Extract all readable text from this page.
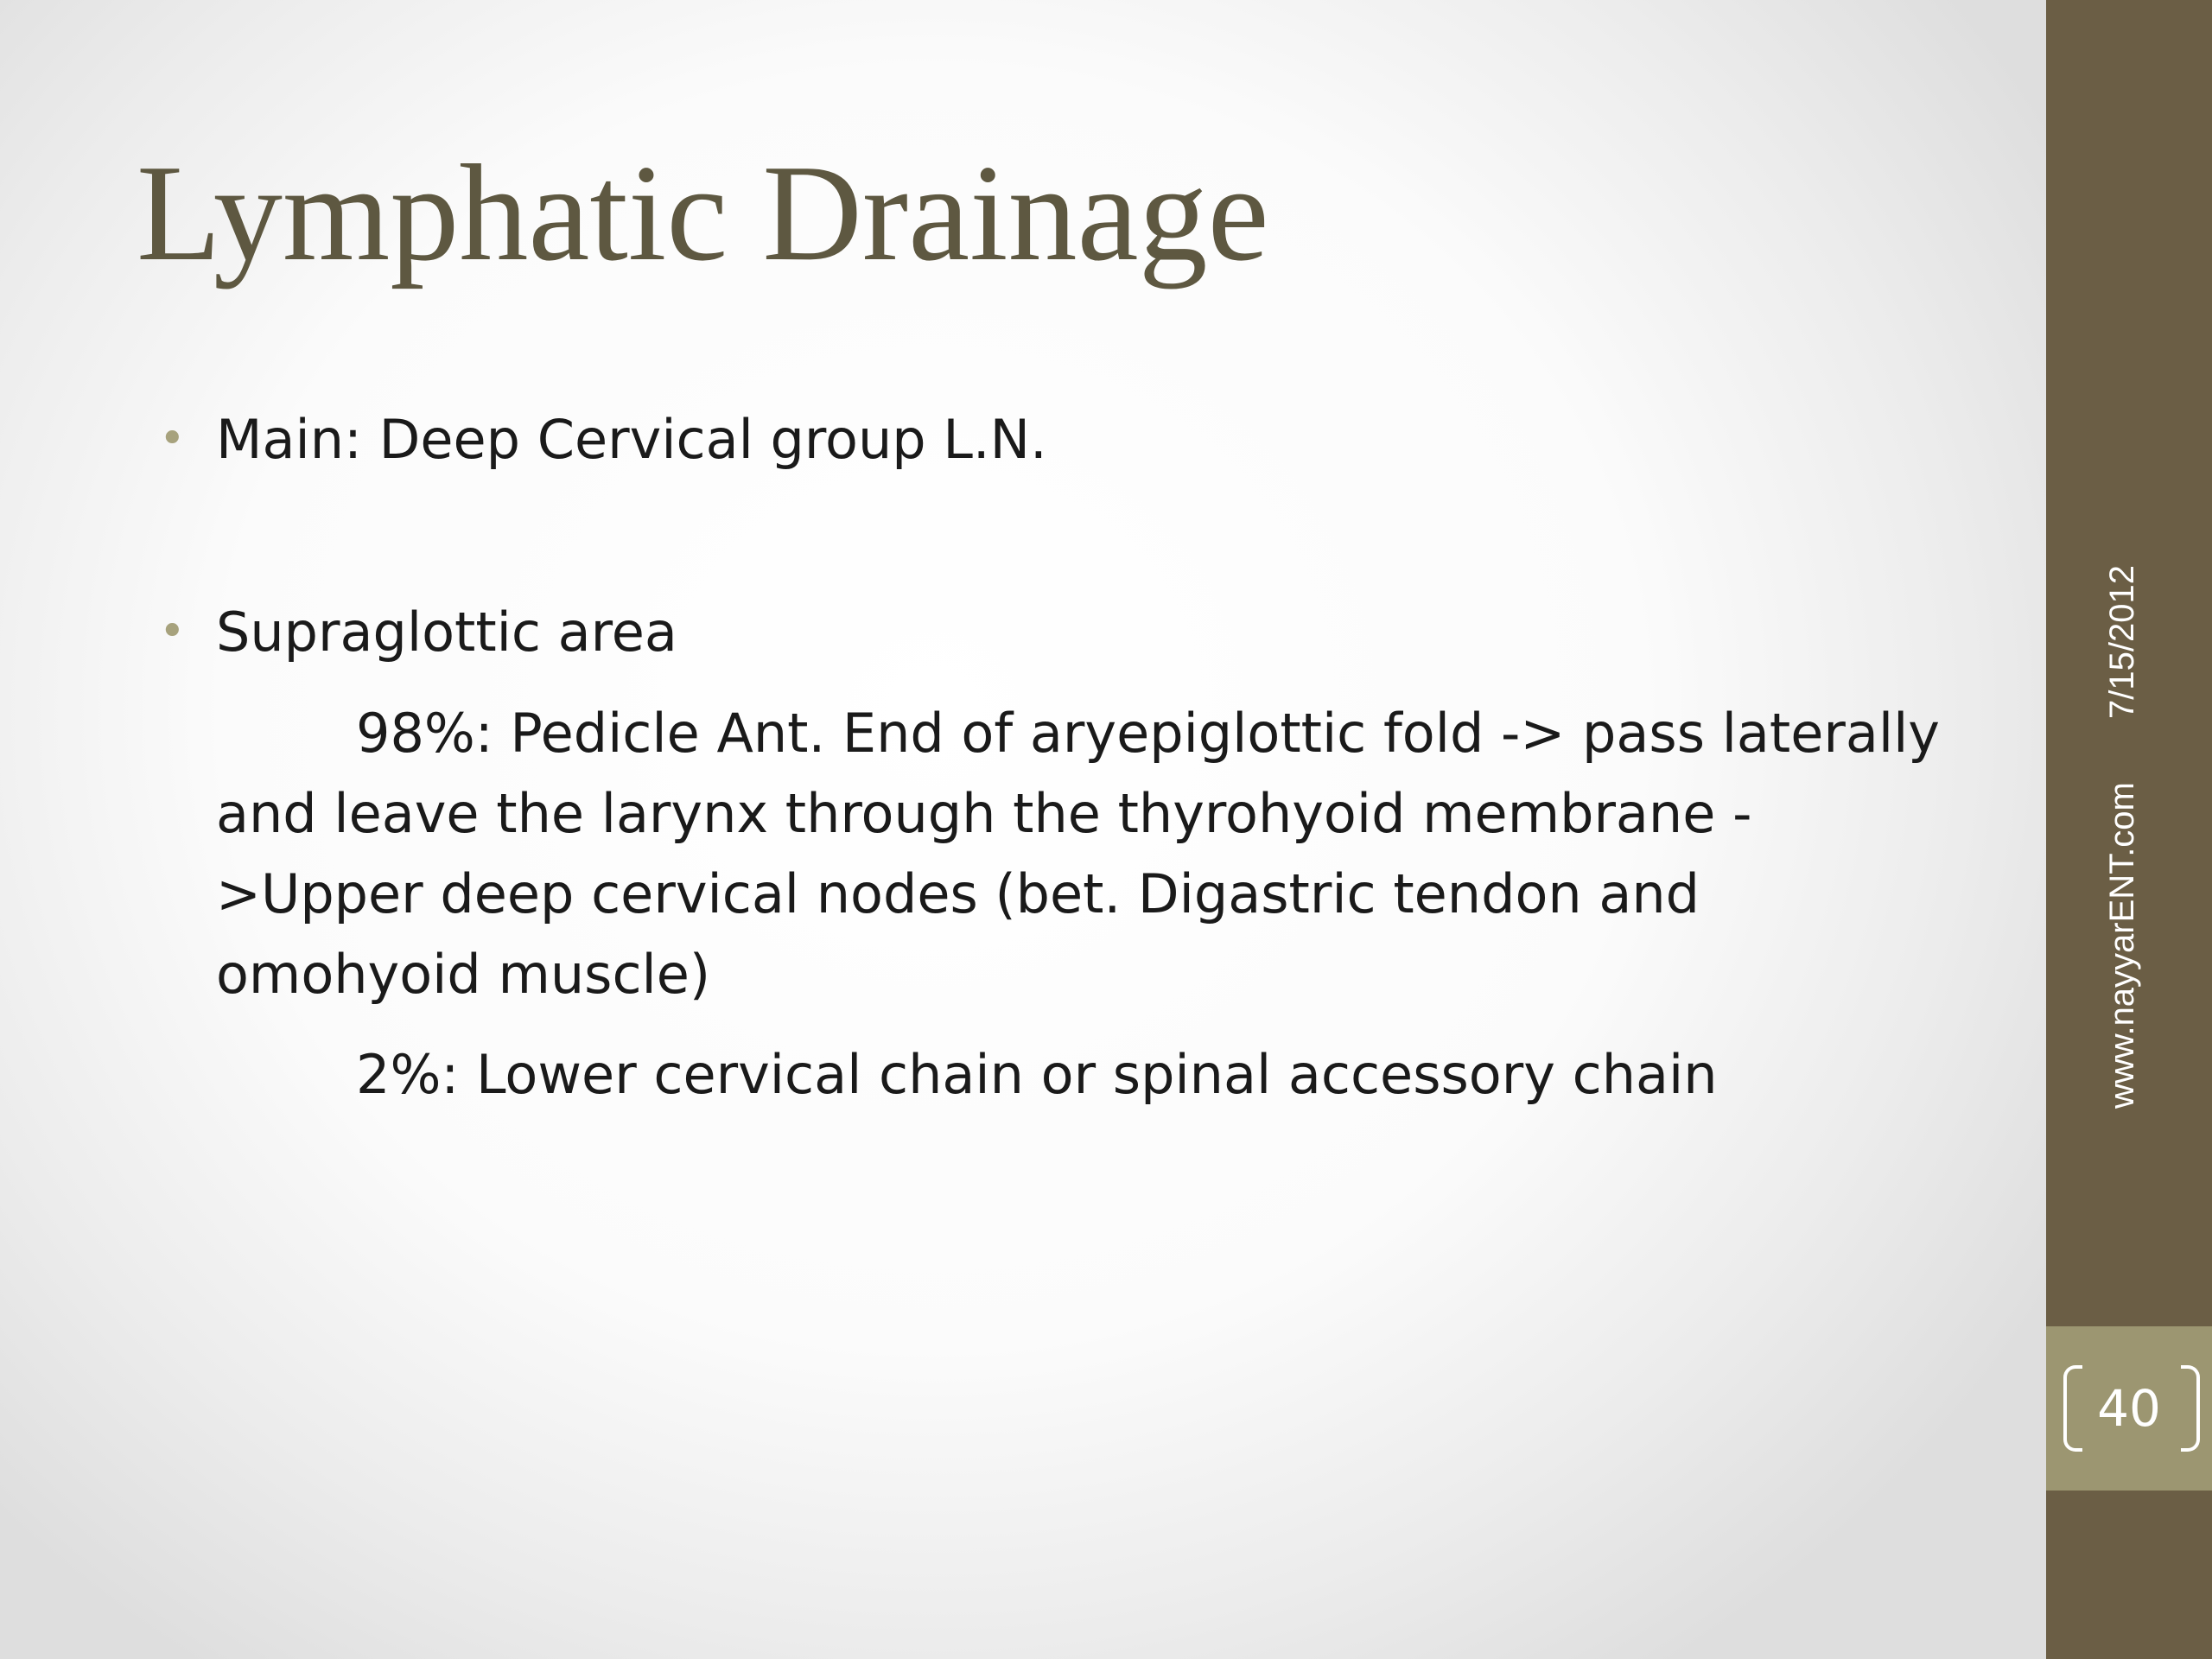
Lymphatic Drainage
• Main: Deep Cervical group L.N.
• Supraglottic area
98%: Pedicle Ant. End of aryepiglottic fold -> pass laterally and leave the larynx through the thyrohyoid membrane ->Upper deep cervical nodes (bet. Digastric tendon and omohyoid muscle)
2%: Lower cervical chain or spinal accessory chain
7/15/2012
www.nayyarENT.com
40
